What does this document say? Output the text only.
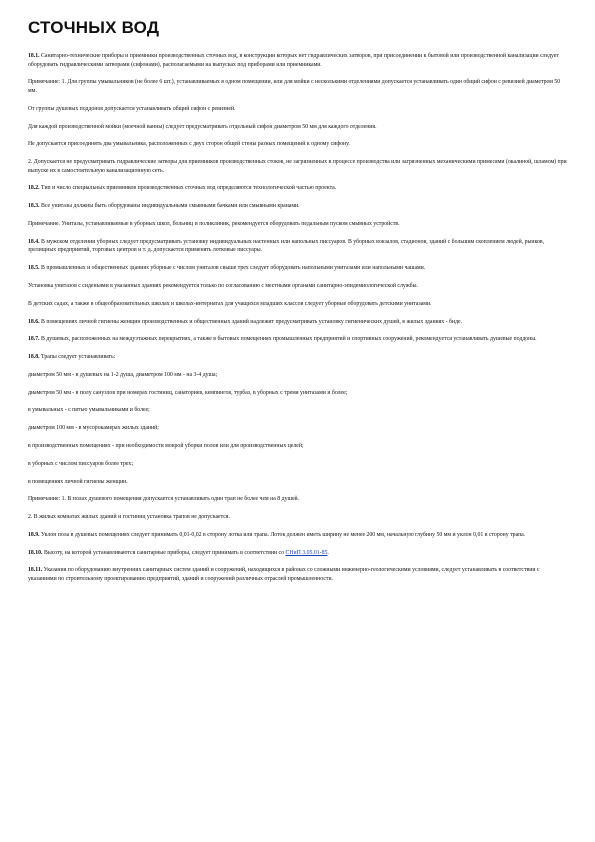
СТОЧНЫХ ВОД

18.1. Санитарно-технические приборы и приемники производственных сточных вод, в конструкции которых нет гидравлических затворов, при присоединении к бытовой или производственной канализации следует оборудовать гидравлическими затворами (сифонами), располагаемыми на выпусках под приборами или приемниками.

Примечание: 1. Для группы умывальников (не более 6 шт.), устанавливаемых в одном помещении, или для мойки с несколькими отделениями допускается устанавливать один общий сифон с ревизией диаметром 50 мм.

От группы душевых поддонов допускается устанавливать общий сифон с ревизией.

Для каждой производственной мойки (моечной ванны) следует предусматривать отдельный сифон диаметром 50 мм для каждого отделения.

Не допускается присоединять два умывальника, расположенных с двух сторон общей стены разных помещений к одному сифону.

2. Допускается не предусматривать гидравлические затворы для приемников производственных стоков, не загрязненных в процессе производства или загрязненных механическими примесями (окалиной, шламом) при выпуске их в самостоятельную канализационную сеть.

18.2. Тип и число специальных приемников производственных сточных вод определяются технологической частью проекта.

18.3. Все унитазы должны быть оборудованы индивидуальными смывными бачками или смывными кранами.

Примечание. Унитазы, устанавливаемые в уборных школ, больниц и поликлиник, рекомендуется оборудовать педальным пуском смывных устройств.

18.4. В мужском отделении уборных следует предусматривать установку индивидуальных настенных или напольных писсуаров. В уборных вокзалов, стадионов, зданий с большим скоплением людей, рынков, зрелищных предприятий, торговых центров и т. д. допускается применять лотковые писсуары.

18.5. В промышленных и общественных зданиях уборные с числом унитазов свыше трех следует оборудовать напольными унитазами или напольными чашами.

Установка унитазов с сиденьями в указанных зданиях рекомендуется только по согласованию с местными органами санитарно-эпидемиологической службы.

В детских садах, а также в общеобразовательных школах и школах-интернатах для учащихся младших классов следует уборные оборудовать детскими унитазами.

18.6. В помещениях личной гигиены женщин производственных и общественных зданий надлежит предусматривать установку гигиенических душей, в жилых зданиях - биде.

18.7. В душевых, расположенных на междуэтажных перекрытиях, а также в бытовых помещениях промышленных предприятий и спортивных сооружений, рекомендуется устанавливать душевые поддоны.

18.8. Трапы следует устанавливать:

диаметром 50 мм - в душевых на 1-2 душа, диаметром 100 мм - на 3-4 душа;

диаметром 50 мм - в полу санузлов при номерах гостиниц, санаториев, кемпингов, турбаз, в уборных с тремя унитазами и более;

в умывальных - с пятью умывальниками и более;

диаметром 100 мм - в мусорокамерах жилых зданий;

в производственных помещениях - при необходимости мокрой уборки полов или для производственных целей;

в уборных с числом писсуаров более трех;

в помещениях личной гигиены женщин.

Примечание: 1. В полах душевого помещения допускается устанавливать один трап не более чем на 8 душей.

2. В жилых комнатах жилых зданий и гостиниц установка трапов не допускается.

18.9. Уклон пола в душевых помещениях следует принимать 0,01-0,02 в сторону лотка или трапа. Лоток должен иметь ширину не менее 200 мм, начальную глубину 50 мм и уклон 0,01 в сторону трапа.

18.10. Высоту, на которой устанавливаются санитарные приборы, следует принимать в соответствии со СНиП 3.05.01-85.

18.11. Указания по оборудованию внутренних санитарных систем зданий и сооружений, находящихся в районах со сложными инженерно-геологическими условиями, следует устанавливать в соответствии с указаниями по строительному проектированию предприятий, зданий и сооружений различных отраслей промышленности.
